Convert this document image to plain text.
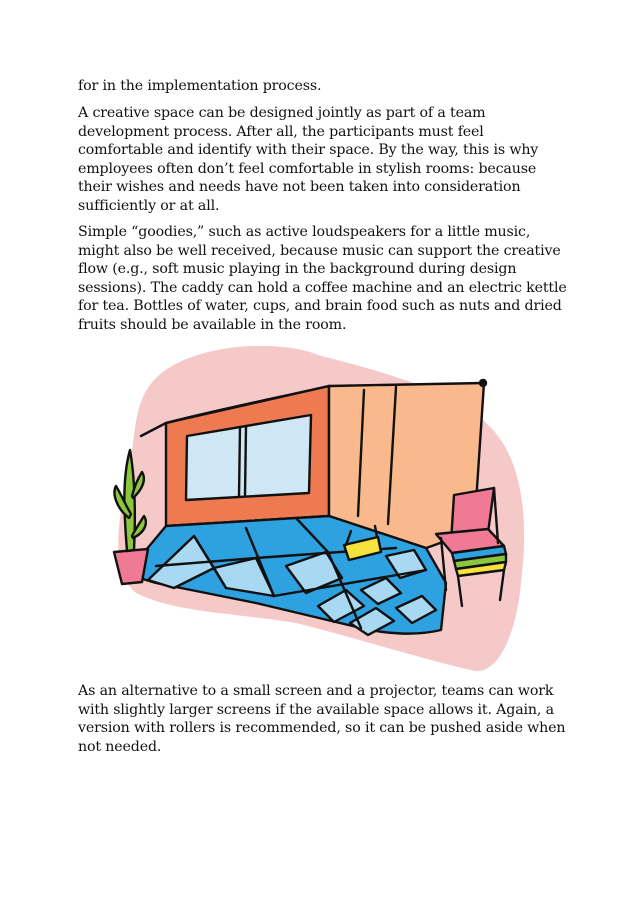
for in the implementation process.

A creative space can be designed jointly as part of a team development process. After all, the participants must feel comfortable and identify with their space. By the way, this is why employees often don’t feel comfortable in stylish rooms: because their wishes and needs have not been taken into consideration sufficiently or at all.

Simple “goodies,” such as active loudspeakers for a little music, might also be well received, because music can support the creative flow (e.g., soft music playing in the background during design sessions). The caddy can hold a coffee machine and an electric kettle for tea. Bottles of water, cups, and brain food such as nuts and dried fruits should be available in the room.

As an alternative to a small screen and a projector, teams can work with slightly larger screens if the available space allows it. Again, a version with rollers is recommended, so it can be pushed aside when not needed.
